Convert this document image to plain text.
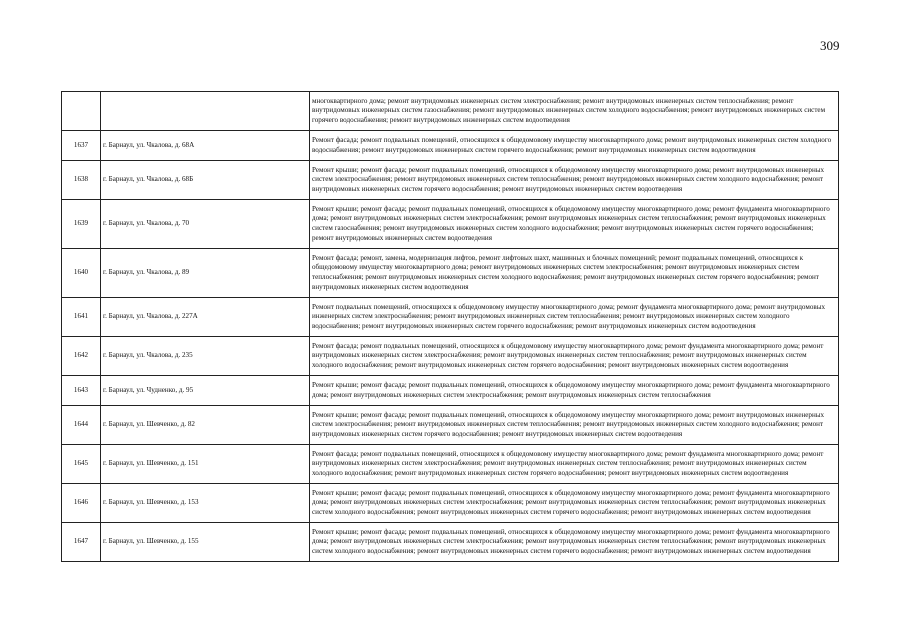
309
		многоквартирного дома; ремонт внутридомовых инженерных систем электроснабжения; ремонт внутридомовых инженерных систем теплоснабжения; ремонт внутридомовых инженерных систем газоснабжения; ремонт внутридомовых инженерных систем холодного водоснабжения; ремонт внутридомовых инженерных систем горячего водоснабжения; ремонт внутридомовых инженерных систем водоотведения
1637	г. Барнаул, ул. Чкалова, д. 68А	Ремонт фасада; ремонт подвальных помещений, относящихся к общедомовому имуществу многоквартирного дома; ремонт внутридомовых инженерных систем холодного водоснабжения; ремонт внутридомовых инженерных систем горячего водоснабжения; ремонт внутридомовых инженерных систем водоотведения
1638	г. Барнаул, ул. Чкалова, д. 68Б	Ремонт крыши; ремонт фасада; ремонт подвальных помещений, относящихся к общедомовому имуществу многоквартирного дома; ремонт внутридомовых инженерных систем электроснабжения; ремонт внутридомовых инженерных систем теплоснабжения; ремонт внутридомовых инженерных систем холодного водоснабжения; ремонт внутридомовых инженерных систем горячего водоснабжения; ремонт внутридомовых инженерных систем водоотведения
1639	г. Барнаул, ул. Чкалова, д. 70	Ремонт крыши; ремонт фасада; ремонт подвальных помещений, относящихся к общедомовому имуществу многоквартирного дома; ремонт фундамента многоквартирного дома; ремонт внутридомовых инженерных систем электроснабжения; ремонт внутридомовых инженерных систем теплоснабжения; ремонт внутридомовых инженерных систем газоснабжения; ремонт внутридомовых инженерных систем холодного водоснабжения; ремонт внутридомовых инженерных систем горячего водоснабжения; ремонт внутридомовых инженерных систем водоотведения
1640	г. Барнаул, ул. Чкалова, д. 89	Ремонт фасада; ремонт, замена, модернизация лифтов, ремонт лифтовых шахт, машинных и блочных помещений; ремонт подвальных помещений, относящихся к общедомовому имуществу многоквартирного дома; ремонт внутридомовых инженерных систем электроснабжения; ремонт внутридомовых инженерных систем теплоснабжения; ремонт внутридомовых инженерных систем холодного водоснабжения; ремонт внутридомовых инженерных систем горячего водоснабжения; ремонт внутридомовых инженерных систем водоотведения
1641	г. Барнаул, ул. Чкалова, д. 227А	Ремонт подвальных помещений, относящихся к общедомовому имуществу многоквартирного дома; ремонт фундамента многоквартирного дома; ремонт внутридомовых инженерных систем электроснабжения; ремонт внутридомовых инженерных систем теплоснабжения; ремонт внутридомовых инженерных систем холодного водоснабжения; ремонт внутридомовых инженерных систем горячего водоснабжения; ремонт внутридомовых инженерных систем водоотведения
1642	г. Барнаул, ул. Чкалова, д. 235	Ремонт фасада; ремонт подвальных помещений, относящихся к общедомовому имуществу многоквартирного дома; ремонт фундамента многоквартирного дома; ремонт внутридомовых инженерных систем электроснабжения; ремонт внутридомовых инженерных систем теплоснабжения; ремонт внутридомовых инженерных систем холодного водоснабжения; ремонт внутридомовых инженерных систем горячего водоснабжения; ремонт внутридомовых инженерных систем водоотведения
1643	г. Барнаул, ул. Чудненко, д. 95	Ремонт крыши; ремонт фасада; ремонт подвальных помещений, относящихся к общедомовому имуществу многоквартирного дома; ремонт фундамента многоквартирного дома; ремонт внутридомовых инженерных систем электроснабжения; ремонт внутридомовых инженерных систем теплоснабжения
1644	г. Барнаул, ул. Шевченко, д. 82	Ремонт крыши; ремонт фасада; ремонт подвальных помещений, относящихся к общедомовому имуществу многоквартирного дома; ремонт внутридомовых инженерных систем электроснабжения; ремонт внутридомовых инженерных систем теплоснабжения; ремонт внутридомовых инженерных систем холодного водоснабжения; ремонт внутридомовых инженерных систем горячего водоснабжения; ремонт внутридомовых инженерных систем водоотведения
1645	г. Барнаул, ул. Шевченко, д. 151	Ремонт фасада; ремонт подвальных помещений, относящихся к общедомовому имуществу многоквартирного дома; ремонт фундамента многоквартирного дома; ремонт внутридомовых инженерных систем электроснабжения; ремонт внутридомовых инженерных систем теплоснабжения; ремонт внутридомовых инженерных систем холодного водоснабжения; ремонт внутридомовых инженерных систем горячего водоснабжения; ремонт внутридомовых инженерных систем водоотведения
1646	г. Барнаул, ул. Шевченко, д. 153	Ремонт крыши; ремонт фасада; ремонт подвальных помещений, относящихся к общедомовому имуществу многоквартирного дома; ремонт фундамента многоквартирного дома; ремонт внутридомовых инженерных систем электроснабжения; ремонт внутридомовых инженерных систем теплоснабжения; ремонт внутридомовых инженерных систем холодного водоснабжения; ремонт внутридомовых инженерных систем горячего водоснабжения; ремонт внутридомовых инженерных систем водоотведения
1647	г. Барнаул, ул. Шевченко, д. 155	Ремонт крыши; ремонт фасада; ремонт подвальных помещений, относящихся к общедомовому имуществу многоквартирного дома; ремонт фундамента многоквартирного дома; ремонт внутридомовых инженерных систем электроснабжения; ремонт внутридомовых инженерных систем теплоснабжения; ремонт внутридомовых инженерных систем холодного водоснабжения; ремонт внутридомовых инженерных систем горячего водоснабжения; ремонт внутридомовых инженерных систем водоотведения
